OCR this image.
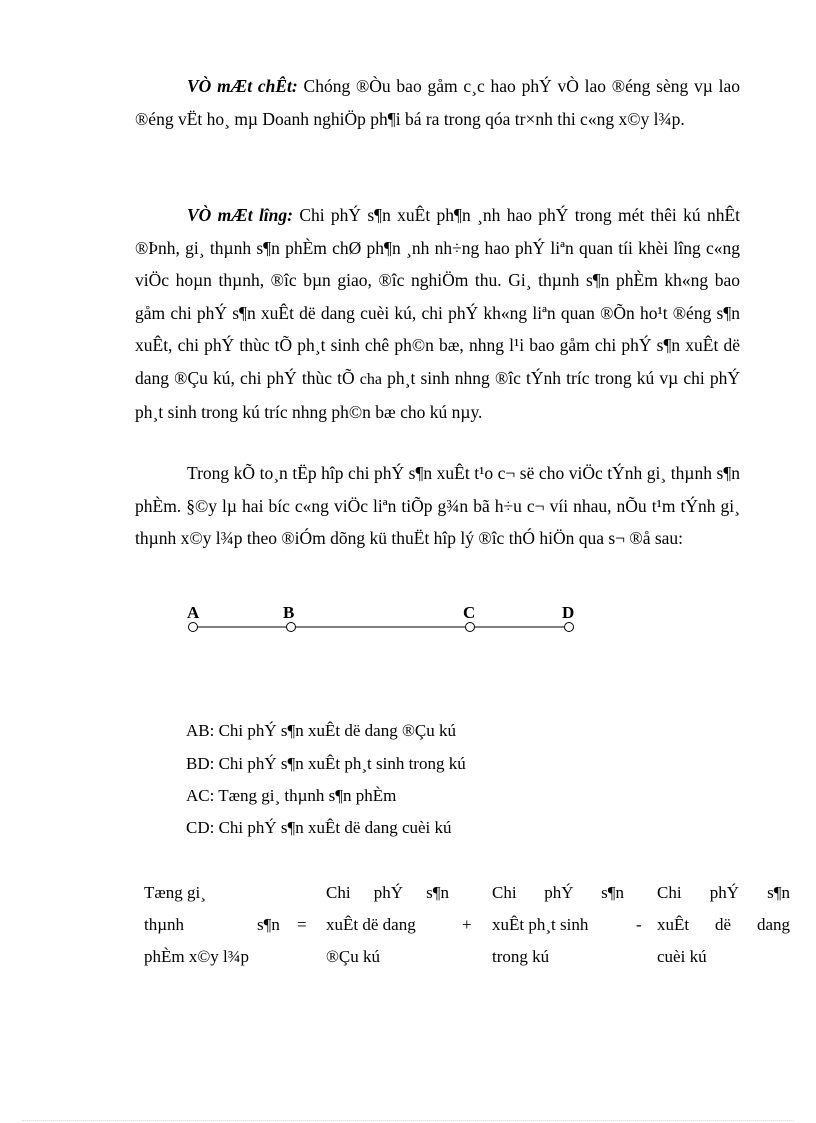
VÒ mÆt chÊt: Chóng ®Òu bao gåm c¸c hao phÝ vÒ lao ®éng sèng vµ lao ®éng vËt ho¸ mµ Doanh nghiÖp ph¶i bá ra trong qóa tr×nh thi c«ng x©y l¾p.

VÒ mÆt lîng: Chi phÝ s¶n xuÊt ph¶n ¸nh hao phÝ trong mét thêi kú nhÊt ®Þnh, gi¸ thµnh s¶n phÈm chØ ph¶n ¸nh nh÷ng hao phÝ liªn quan tíi khèi lîng c«ng viÖc hoµn thµnh, ®îc bµn giao, ®îc nghiÖm thu. Gi¸ thµnh s¶n phÈm kh«ng bao gåm chi phÝ s¶n xuÊt dë dang cuèi kú, chi phÝ kh«ng liªn quan ®Õn ho¹t ®éng s¶n xuÊt, chi phÝ thùc tÕ ph¸t sinh chê ph©n bæ, nhng l¹i bao gåm chi phÝ s¶n xuÊt dë dang ®Çu kú, chi phÝ thùc tÕ cha ph¸t sinh nhng ®îc tÝnh tríc trong kú vµ chi phÝ ph¸t sinh trong kú tríc nhng ph©n bæ cho kú nµy.

Trong kÕ to¸n tËp hîp chi phÝ s¶n xuÊt t¹o c¬ së cho viÖc tÝnh gi¸ thµnh s¶n phÈm. §©y lµ hai bíc c«ng viÖc liªn tiÕp g¾n bã h÷u c¬ víi nhau, nÕu t¹m tÝnh gi¸ thµnh x©y l¾p theo ®iÓm dõng kü thuËt hîp lý ®îc thÓ hiÖn qua s¬ ®å sau:

A	B	C	D

AB: Chi phÝ s¶n xuÊt dë dang ®Çu kú

BD: Chi phÝ s¶n xuÊt ph¸t sinh trong kú

AC: Tæng gi¸ thµnh s¶n phÈm

CD: Chi phÝ s¶n xuÊt dë dang cuèi kú

Tæng gi¸
thµnh	s¶n
phÈm x©y l¾p
=
Chi phÝ s¶n
xuÊt dë dang
®Çu kú
+
Chi phÝ s¶n
xuÊt ph¸t sinh
trong kú
-
Chi phÝ s¶n
xuÊt dë dang
cuèi kú
